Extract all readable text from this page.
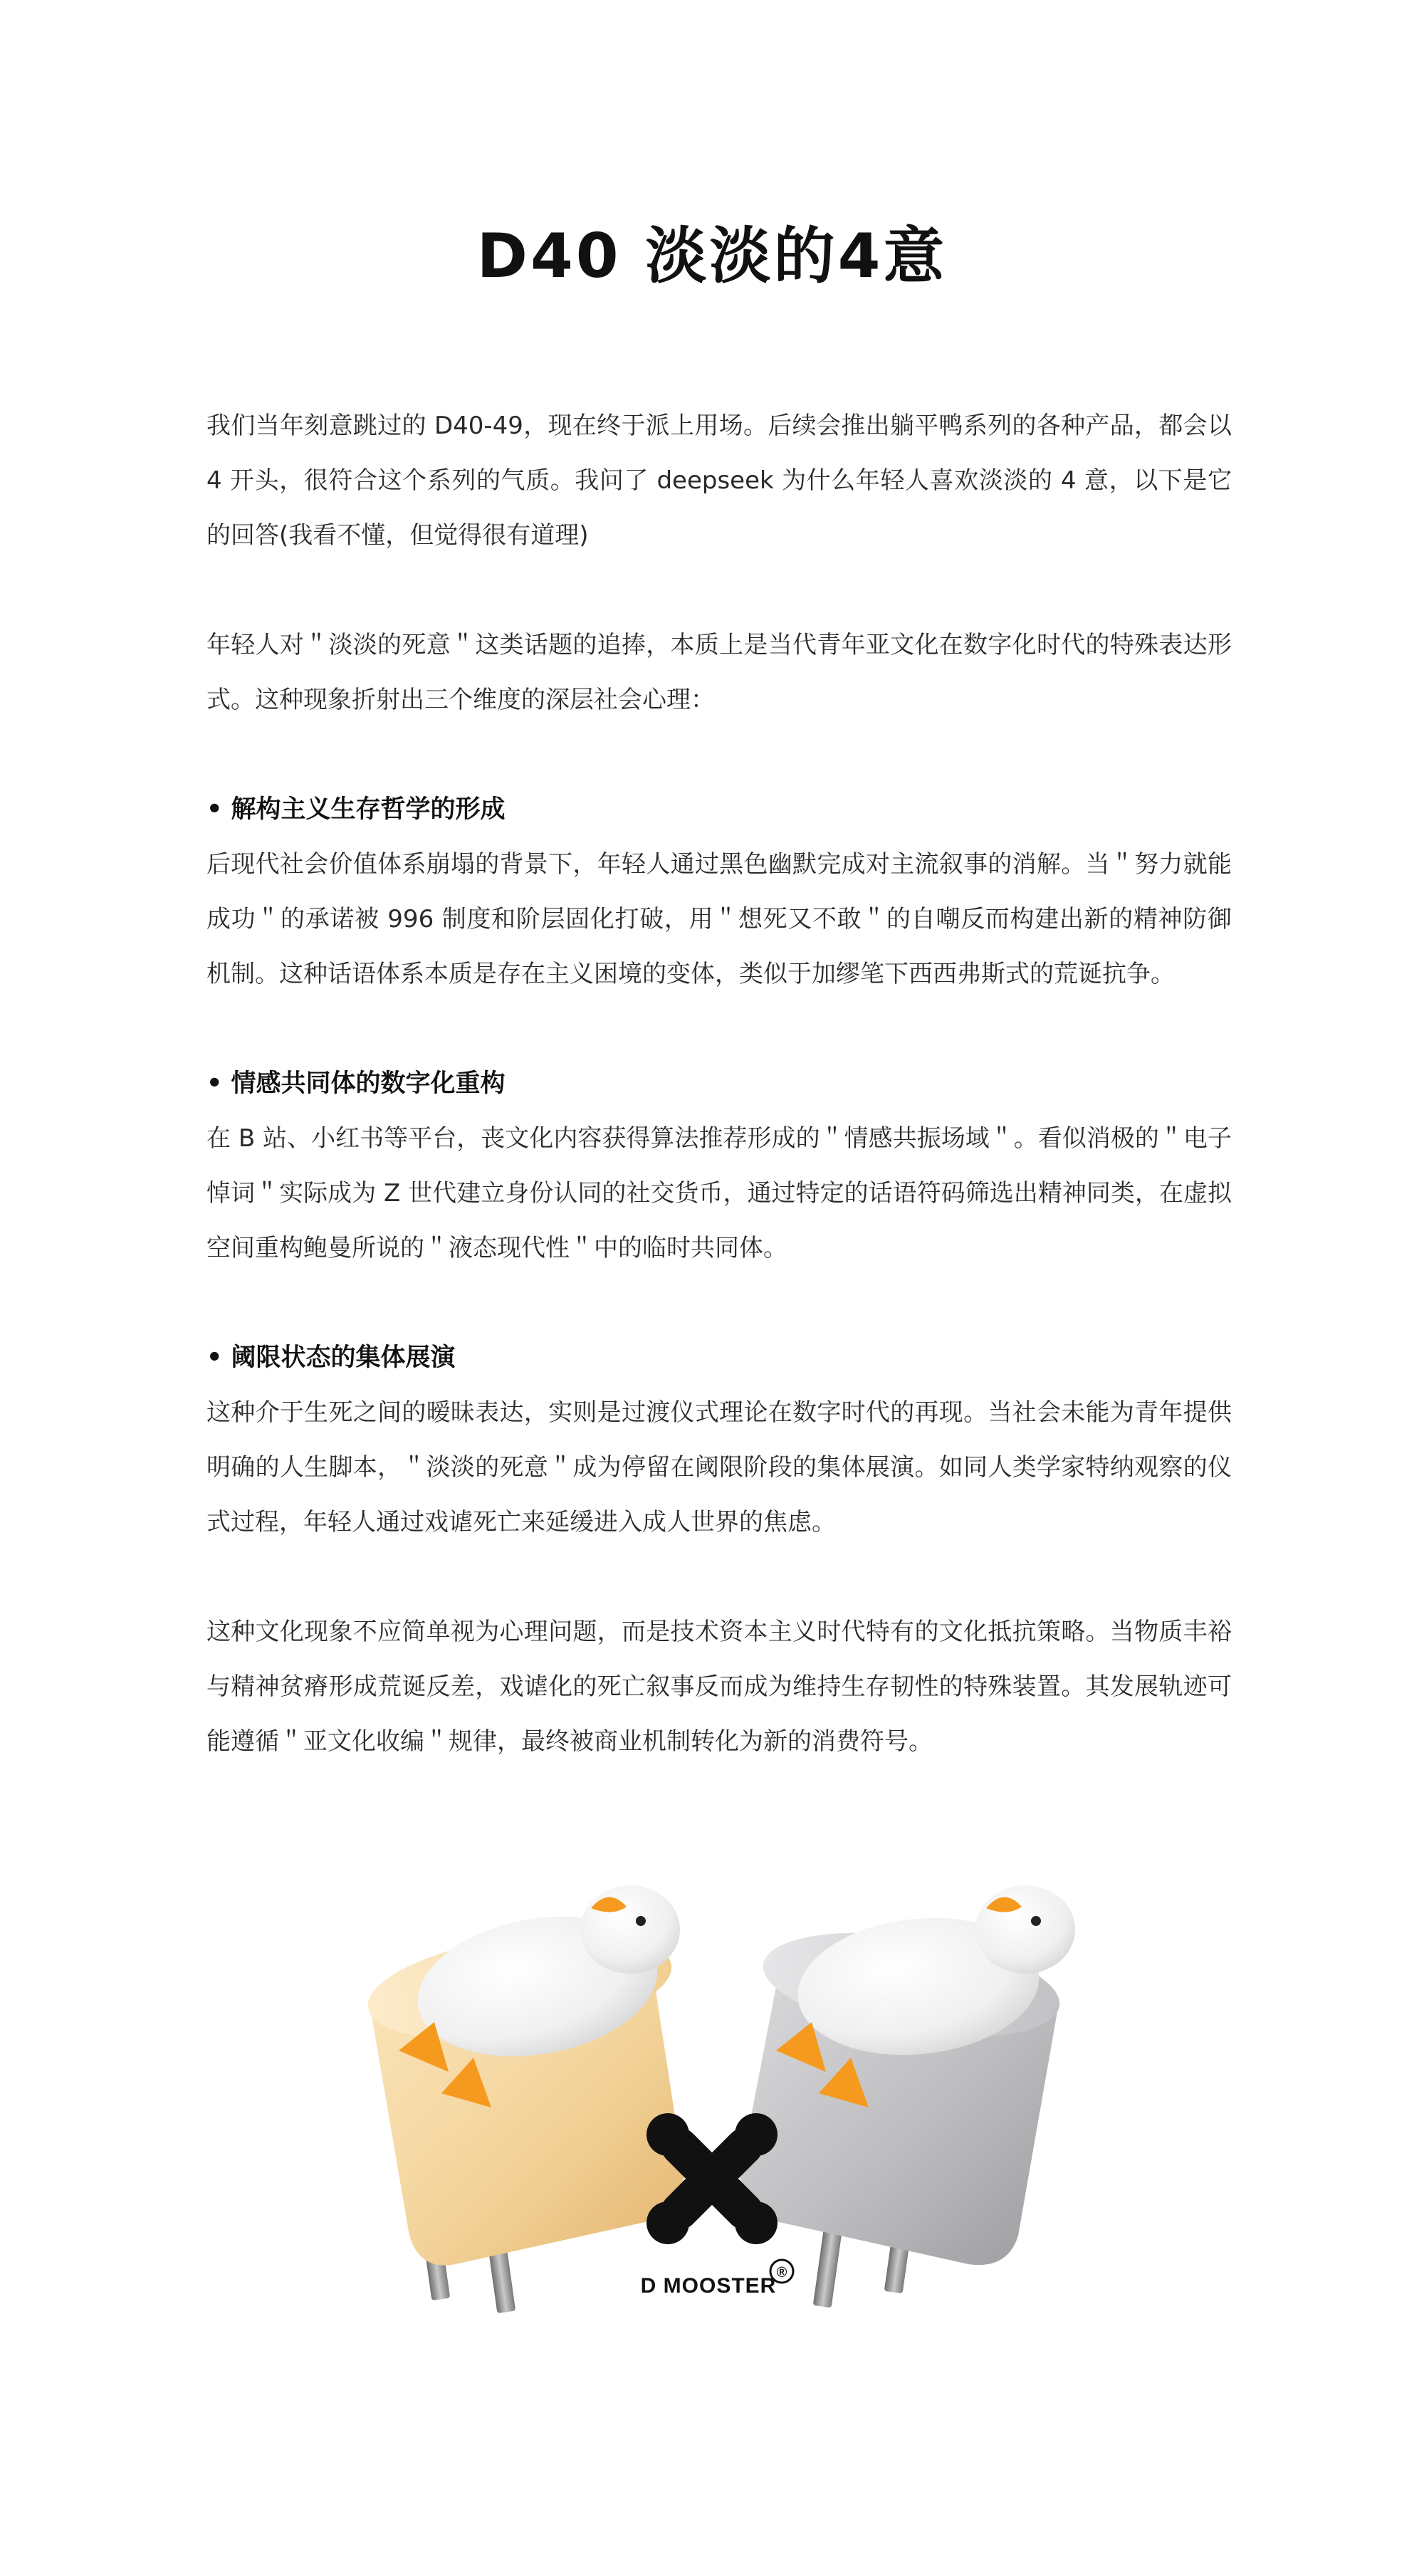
D40 淡淡的4意

我们当年刻意跳过的 D40-49，现在终于派上用场。后续会推出躺平鸭系列的各种产品，都会以 4 开头，很符合这个系列的气质。我问了 deepseek 为什么年轻人喜欢淡淡的 4 意，以下是它的回答(我看不懂，但觉得很有道理)

年轻人对＂淡淡的死意＂这类话题的追捧，本质上是当代青年亚文化在数字化时代的特殊表达形式。这种现象折射出三个维度的深层社会心理：

• 解构主义生存哲学的形成

后现代社会价值体系崩塌的背景下，年轻人通过黑色幽默完成对主流叙事的消解。当＂努力就能成功＂的承诺被 996 制度和阶层固化打破，用＂想死又不敢＂的自嘲反而构建出新的精神防御机制。这种话语体系本质是存在主义困境的变体，类似于加缪笔下西西弗斯式的荒诞抗争。

• 情感共同体的数字化重构

在 B 站、小红书等平台，丧文化内容获得算法推荐形成的＂情感共振场域＂。看似消极的＂电子悼词＂实际成为 Z 世代建立身份认同的社交货币，通过特定的话语符码筛选出精神同类，在虚拟空间重构鲍曼所说的＂液态现代性＂中的临时共同体。

• 阈限状态的集体展演

这种介于生死之间的暧昧表达，实则是过渡仪式理论在数字时代的再现。当社会未能为青年提供明确的人生脚本，＂淡淡的死意＂成为停留在阈限阶段的集体展演。如同人类学家特纳观察的仪式过程，年轻人通过戏谑死亡来延缓进入成人世界的焦虑。

这种文化现象不应简单视为心理问题，而是技术资本主义时代特有的文化抵抗策略。当物质丰裕与精神贫瘠形成荒诞反差，戏谑化的死亡叙事反而成为维持生存韧性的特殊装置。其发展轨迹可能遵循＂亚文化收编＂规律，最终被商业机制转化为新的消费符号。

D MOOSTER
®
